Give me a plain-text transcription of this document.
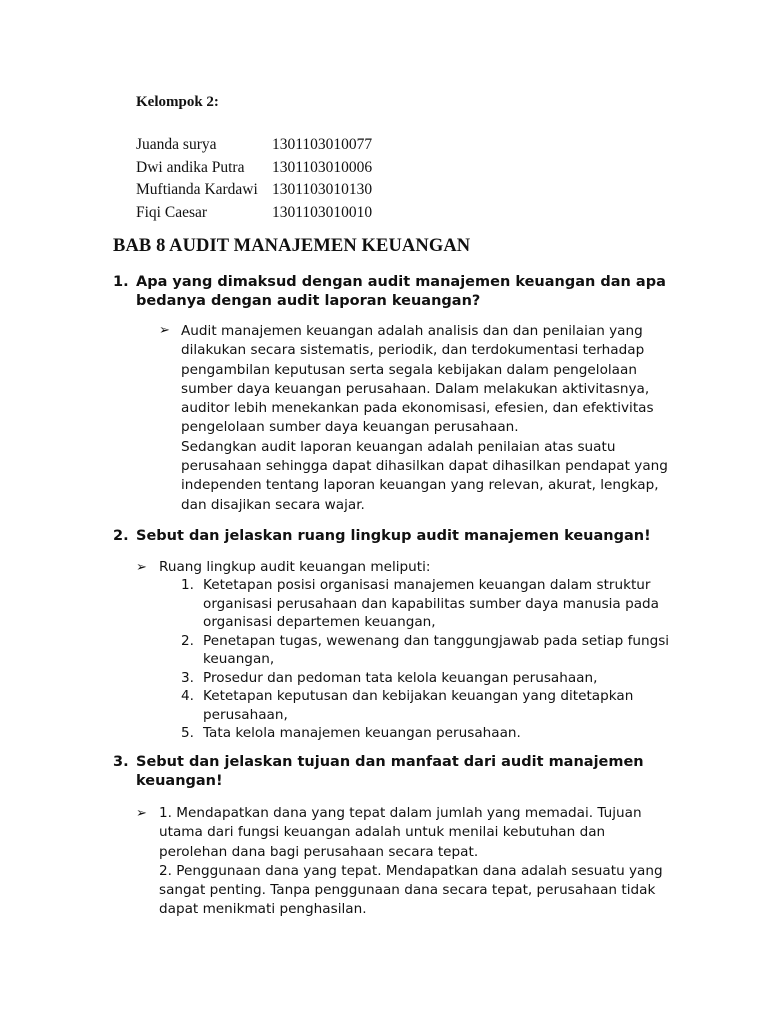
Kelompok 2:
Juanda surya	1301103010077
Dwi andika Putra	1301103010006
Muftianda Kardawi 1301103010130
Fiqi Caesar	1301103010010
BAB 8 AUDIT MANAJEMEN KEUANGAN
1. Apa yang dimaksud dengan audit manajemen keuangan dan apa
bedanya dengan audit laporan keuangan?
➢ Audit manajemen keuangan adalah analisis dan dan penilaian yang
dilakukan secara sistematis, periodik, dan terdokumentasi terhadap
pengambilan keputusan serta segala kebijakan dalam pengelolaan
sumber daya keuangan perusahaan. Dalam melakukan aktivitasnya,
auditor lebih menekankan pada ekonomisasi, efesien, dan efektivitas
pengelolaan sumber daya keuangan perusahaan.
Sedangkan audit laporan keuangan adalah penilaian atas suatu
perusahaan sehingga dapat dihasilkan dapat dihasilkan pendapat yang
independen tentang laporan keuangan yang relevan, akurat, lengkap,
dan disajikan secara wajar.
2. Sebut dan jelaskan ruang lingkup audit manajemen keuangan!
➢ Ruang lingkup audit keuangan meliputi:
1. Ketetapan posisi organisasi manajemen keuangan dalam struktur
organisasi perusahaan dan kapabilitas sumber daya manusia pada
organisasi departemen keuangan,
2. Penetapan tugas, wewenang dan tanggungjawab pada setiap fungsi
keuangan,
3. Prosedur dan pedoman tata kelola keuangan perusahaan,
4. Ketetapan keputusan dan kebijakan keuangan yang ditetapkan
perusahaan,
5. Tata kelola manajemen keuangan perusahaan.
3. Sebut dan jelaskan tujuan dan manfaat dari audit manajemen
keuangan!
➢ 1. Mendapatkan dana yang tepat dalam jumlah yang memadai. Tujuan
utama dari fungsi keuangan adalah untuk menilai kebutuhan dan
perolehan dana bagi perusahaan secara tepat.
2. Penggunaan dana yang tepat. Mendapatkan dana adalah sesuatu yang
sangat penting. Tanpa penggunaan dana secara tepat, perusahaan tidak
dapat menikmati penghasilan.
